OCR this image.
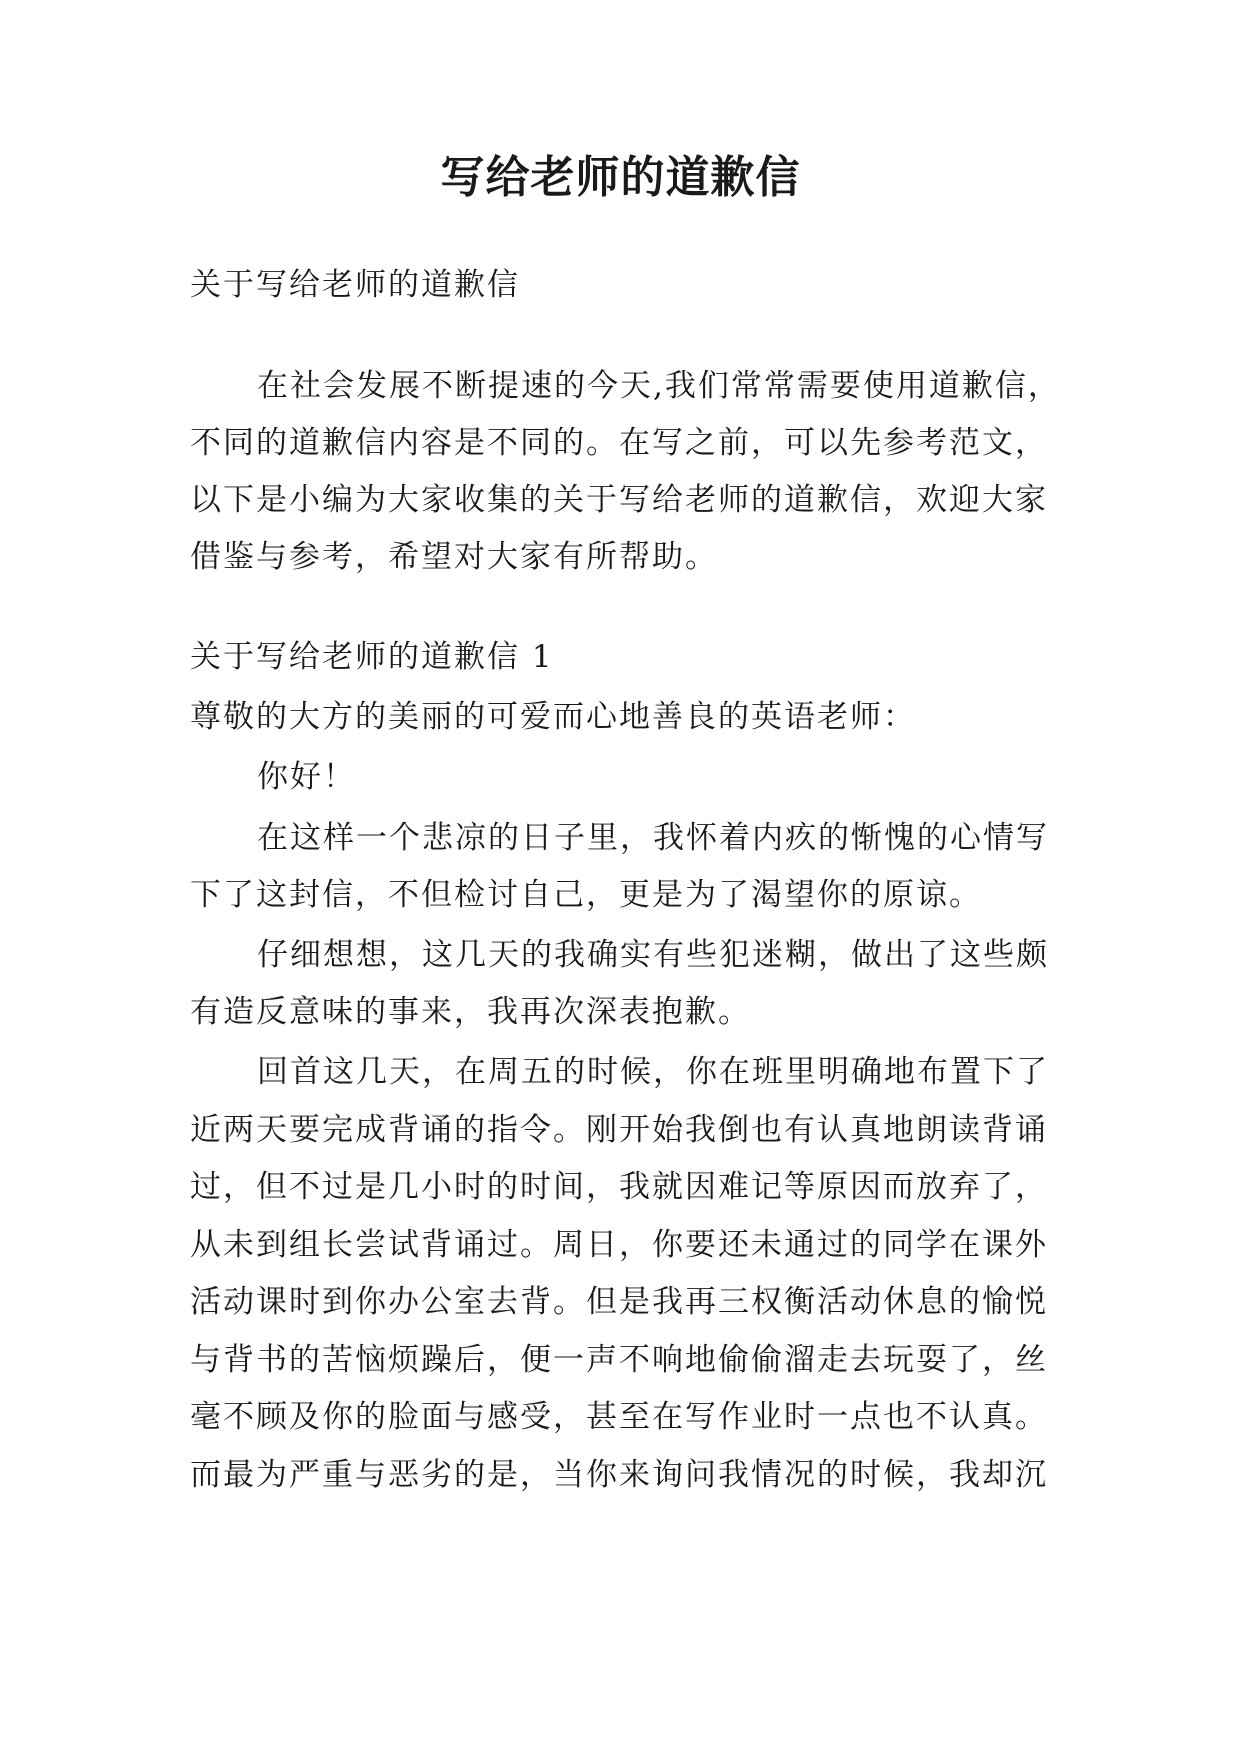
写给老师的道歉信

关于写给老师的道歉信

在社会发展不断提速的今天,我们常常需要使用道歉信，

不同的道歉信内容是不同的。在写之前，可以先参考范文，

以下是小编为大家收集的关于写给老师的道歉信，欢迎大家

借鉴与参考，希望对大家有所帮助。

关于写给老师的道歉信 1

尊敬的大方的美丽的可爱而心地善良的英语老师：

你好！

在这样一个悲凉的日子里，我怀着内疚的惭愧的心情写

下了这封信，不但检讨自己，更是为了渴望你的原谅。

仔细想想，这几天的我确实有些犯迷糊，做出了这些颇

有造反意味的事来，我再次深表抱歉。

回首这几天，在周五的时候，你在班里明确地布置下了

近两天要完成背诵的指令。刚开始我倒也有认真地朗读背诵

过，但不过是几小时的时间，我就因难记等原因而放弃了，

从未到组长尝试背诵过。周日，你要还未通过的同学在课外

活动课时到你办公室去背。但是我再三权衡活动休息的愉悦

与背书的苦恼烦躁后，便一声不响地偷偷溜走去玩耍了，丝

毫不顾及你的脸面与感受，甚至在写作业时一点也不认真。

而最为严重与恶劣的是，当你来询问我情况的时候，我却沉
